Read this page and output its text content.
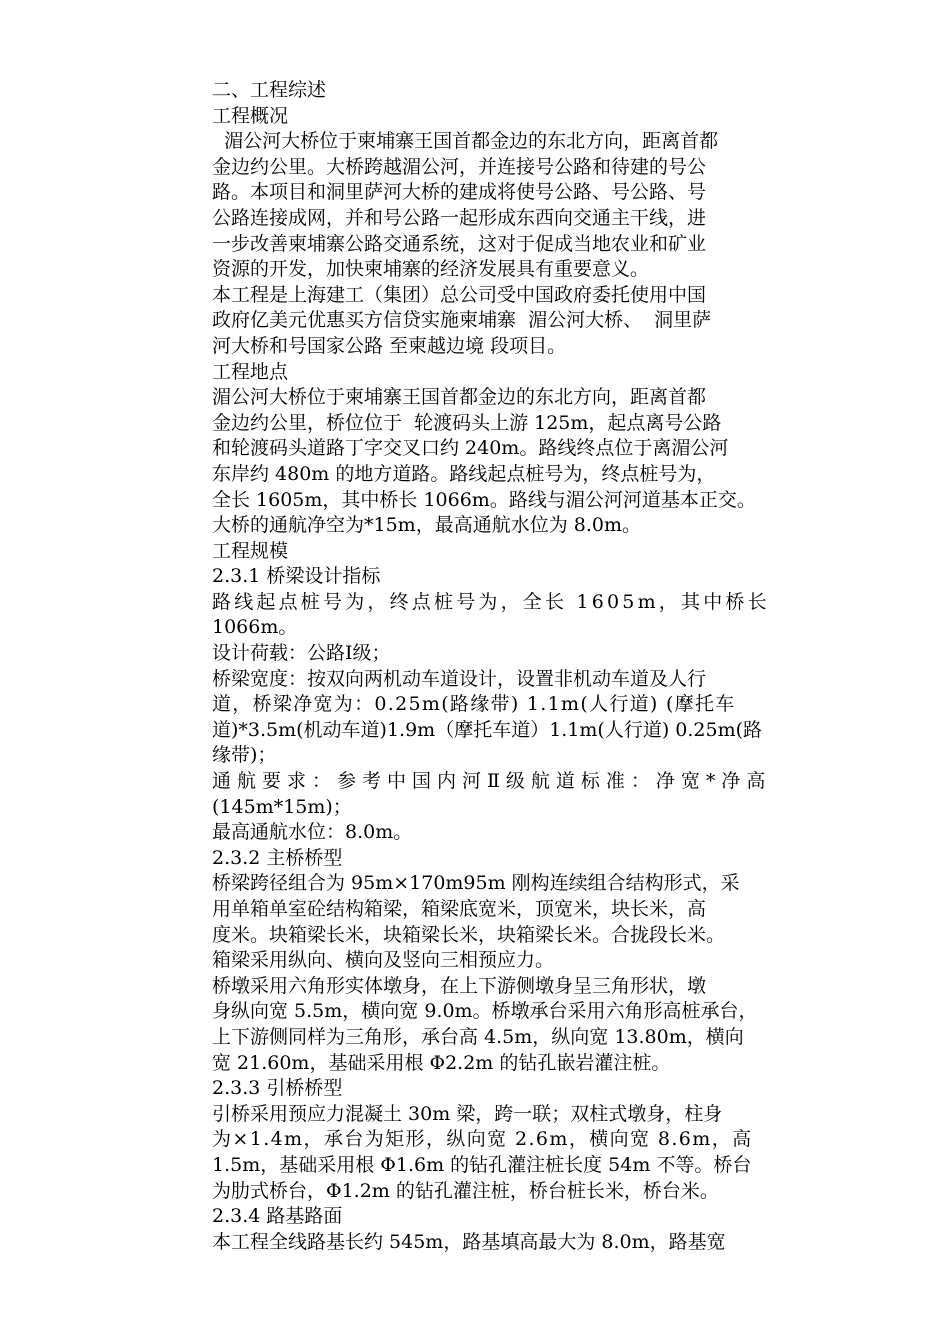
二、工程综述
工程概况
湄公河大桥位于柬埔寨王国首都金边的东北方向，距离首都
金边约公里。大桥跨越湄公河，并连接号公路和待建的号公
路。本项目和洞里萨河大桥的建成将使号公路、号公路、号
公路连接成网，并和号公路一起形成东西向交通主干线，进
一步改善柬埔寨公路交通系统，这对于促成当地农业和矿业
资源的开发，加快柬埔寨的经济发展具有重要意义。
本工程是上海建工（集团）总公司受中国政府委托使用中国
政府亿美元优惠买方信贷实施柬埔寨  湄公河大桥、  洞里萨
河大桥和号国家公路 至柬越边境 段项目。
工程地点
湄公河大桥位于柬埔寨王国首都金边的东北方向，距离首都
金边约公里，桥位位于  轮渡码头上游 125m，起点离号公路
和轮渡码头道路丁字交叉口约 240m。路线终点位于离湄公河
东岸约 480m 的地方道路。路线起点桩号为，终点桩号为，
全长 1605m，其中桥长 1066m。路线与湄公河河道基本正交。
大桥的通航净空为*15m，最高通航水位为 8.0m。
工程规模
2.3.1 桥梁设计指标
路线起点桩号为，终点桩号为，全长 1605m，其中桥长
1066m。
设计荷载：公路Ⅰ级；
桥梁宽度：按双向两机动车道设计，设置非机动车道及人行
道，桥梁净宽为：0.25m(路缘带) 1.1m(人行道) (摩托车
道)*3.5m(机动车道)1.9m（摩托车道）1.1m(人行道) 0.25m(路
缘带)；
通航要求：参考中国内河Ⅱ级航道标准：净宽*净高
(145m*15m)；
最高通航水位：8.0m。
2.3.2 主桥桥型
桥梁跨径组合为 95m×170m95m 刚构连续组合结构形式，采
用单箱单室砼结构箱梁，箱梁底宽米，顶宽米，块长米，高
度米。块箱梁长米，块箱梁长米，块箱梁长米。合拢段长米。
箱梁采用纵向、横向及竖向三相预应力。
桥墩采用六角形实体墩身，在上下游侧墩身呈三角形状，墩
身纵向宽 5.5m，横向宽 9.0m。桥墩承台采用六角形高桩承台，
上下游侧同样为三角形，承台高 4.5m，纵向宽 13.80m，横向
宽 21.60m，基础采用根 Φ2.2m 的钻孔嵌岩灌注桩。
2.3.3 引桥桥型
引桥采用预应力混凝土 30m 梁，跨一联；双柱式墩身，柱身
为×1.4m，承台为矩形，纵向宽 2.6m，横向宽 8.6m，高
1.5m，基础采用根 Φ1.6m 的钻孔灌注桩长度 54m 不等。桥台
为肋式桥台，Φ1.2m 的钻孔灌注桩，桥台桩长米，桥台米。
2.3.4 路基路面
本工程全线路基长约 545m，路基填高最大为 8.0m，路基宽
